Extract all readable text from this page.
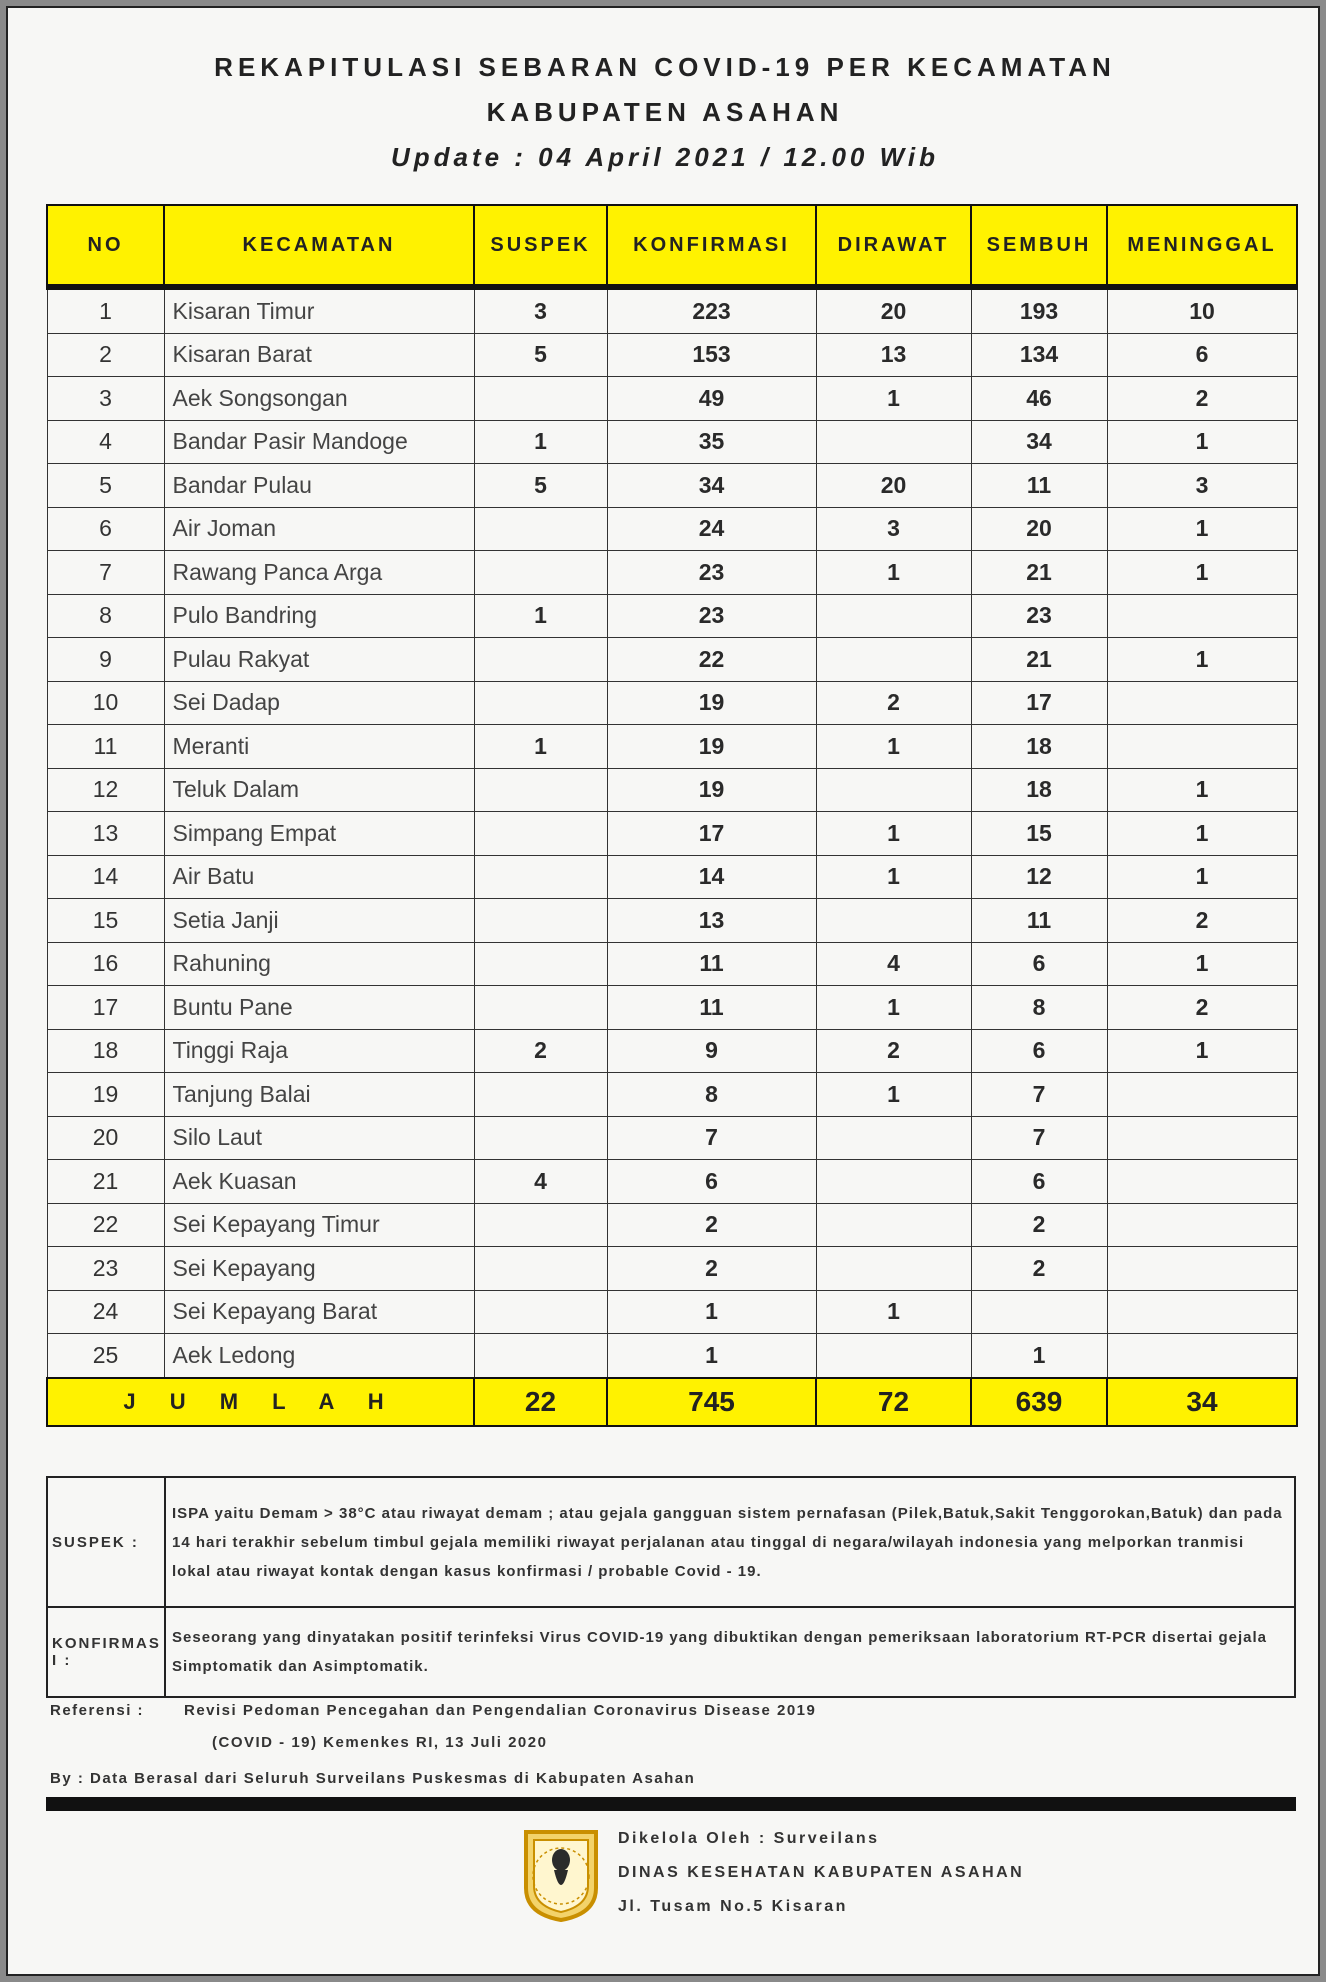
REKAPITULASI SEBARAN COVID-19 PER KECAMATAN
KABUPATEN ASAHAN
Update : 04 April 2021 / 12.00 Wib
NO	KECAMATAN	SUSPEK	KONFIRMASI	DIRAWAT	SEMBUH	MENINGGAL
1	Kisaran Timur	3	223	20	193	10
2	Kisaran Barat	5	153	13	134	6
3	Aek Songsongan		49	1	46	2
4	Bandar Pasir Mandoge	1	35		34	1
5	Bandar Pulau	5	34	20	11	3
6	Air Joman		24	3	20	1
7	Rawang Panca Arga		23	1	21	1
8	Pulo Bandring	1	23		23	
9	Pulau Rakyat		22		21	1
10	Sei Dadap		19	2	17	
11	Meranti	1	19	1	18	
12	Teluk Dalam		19		18	1
13	Simpang Empat		17	1	15	1
14	Air Batu		14	1	12	1
15	Setia Janji		13		11	2
16	Rahuning		11	4	6	1
17	Buntu Pane		11	1	8	2
18	Tinggi Raja	2	9	2	6	1
19	Tanjung Balai		8	1	7	
20	Silo Laut		7		7	
21	Aek Kuasan	4	6		6	
22	Sei Kepayang Timur		2		2	
23	Sei Kepayang		2		2	
24	Sei Kepayang Barat		1	1		
25	Aek Ledong		1		1	
J U M L A H		22	745	72	639	34
SUSPEK :	ISPA yaitu Demam > 38°C atau riwayat demam ; atau gejala gangguan sistem pernafasan (Pilek,Batuk,Sakit Tenggorokan,Batuk) dan pada 14 hari terakhir sebelum timbul gejala memiliki riwayat perjalanan atau tinggal di negara/wilayah indonesia yang melporkan tranmisi lokal atau riwayat kontak dengan kasus konfirmasi / probable Covid - 19.
KONFIRMASI :	Seseorang yang dinyatakan positif terinfeksi Virus COVID-19 yang dibuktikan dengan pemeriksaan laboratorium RT-PCR disertai gejala Simptomatik dan Asimptomatik.
Referensi :	Revisi Pedoman Pencegahan dan Pengendalian Coronavirus Disease 2019
(COVID - 19) Kemenkes RI, 13 Juli 2020
By : Data Berasal dari Seluruh Surveilans Puskesmas di Kabupaten Asahan
Dikelola Oleh : Surveilans
DINAS KESEHATAN KABUPATEN ASAHAN
Jl. Tusam No.5 Kisaran
